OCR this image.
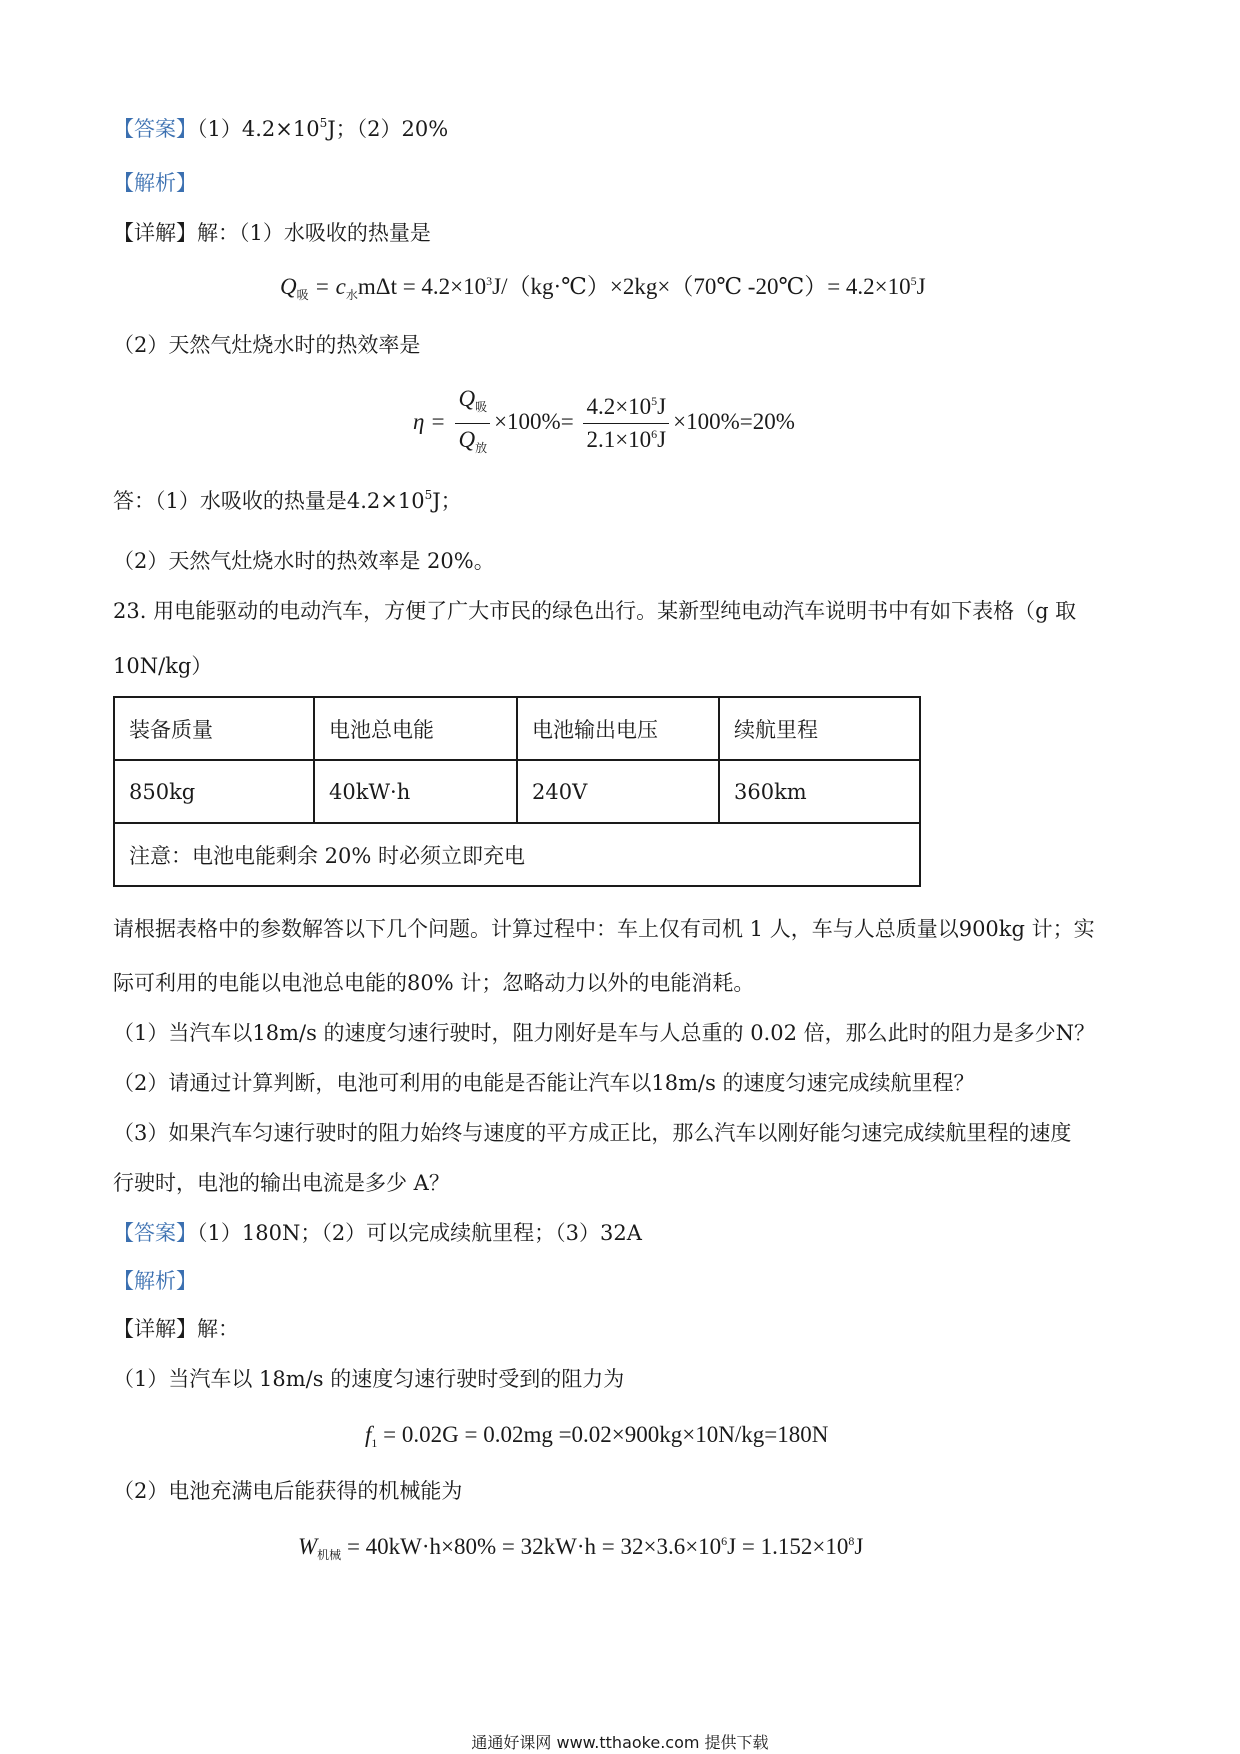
【答案】$(1)4.2\times 10^5J$；（2）20%
【解析】
【详解】解：（1）水吸收的热量是
$Q_吸 = c_水m\Delta t$ = $4.2\times 10^3J/(kg\cdot℃)\times 2kg\times(70℃$ -20℃）= $4.2\times 10^5J$
（2）天然气灶烧水时的热效率是
$\eta = \frac{Q_吸}{Q_放} \times 100\%= \frac{4.2\times 10^5J}{2.1\times 10^6J} \times 100\%=20\%$
答：（1）水吸收的热量是$4.2\times 10^5J$；
（2）天然气灶烧水时的热效率是 20%。
23. 用电能驱动的电动汽车，方便了广大市民的绿色出行。某新型纯电动汽车说明书中有如下表格（g 取
10N/kg）
装备质量	电池总电能	电池输出电压	续航里程
850kg	40kW·h	240V	360km
注意：电池电能剩余 20% 时必须立即充电			
请根据表格中的参数解答以下几个问题。计算过程中：车上仅有司机 1 人，车与人总质量以900kg 计；实
际可利用的电能以电池总电能的80% 计；忽略动力以外的电能消耗。
（1）当汽车以18m/s 的速度匀速行驶时，阻力刚好是车与人总重的 0.02 倍，那么此时的阻力是多少N？
（2）请通过计算判断，电池可利用的电能是否能让汽车以18m/s 的速度匀速完成续航里程？
（3）如果汽车匀速行驶时的阻力始终与速度的平方成正比，那么汽车以刚好能匀速完成续航里程的速度
行驶时，电池的输出电流是多少 A？
【答案】（1）180N；（2）可以完成续航里程；（3）32A
【解析】
【详解】解：
（1）当汽车以 18m/s 的速度匀速行驶时受到的阻力为
$f_1 = 0.02G = 0.02mg =0.02\times 900kg\times 10N/kg=180N$
（2）电池充满电后能获得的机械能为
$W_{机械} = 40kW\cdot h\times 80\% = 32kW\cdot h = 32\times 3.6\times 10^6J = 1.152\times 10^8J$
通通好课网 www.tthaoke.com 提供下载
